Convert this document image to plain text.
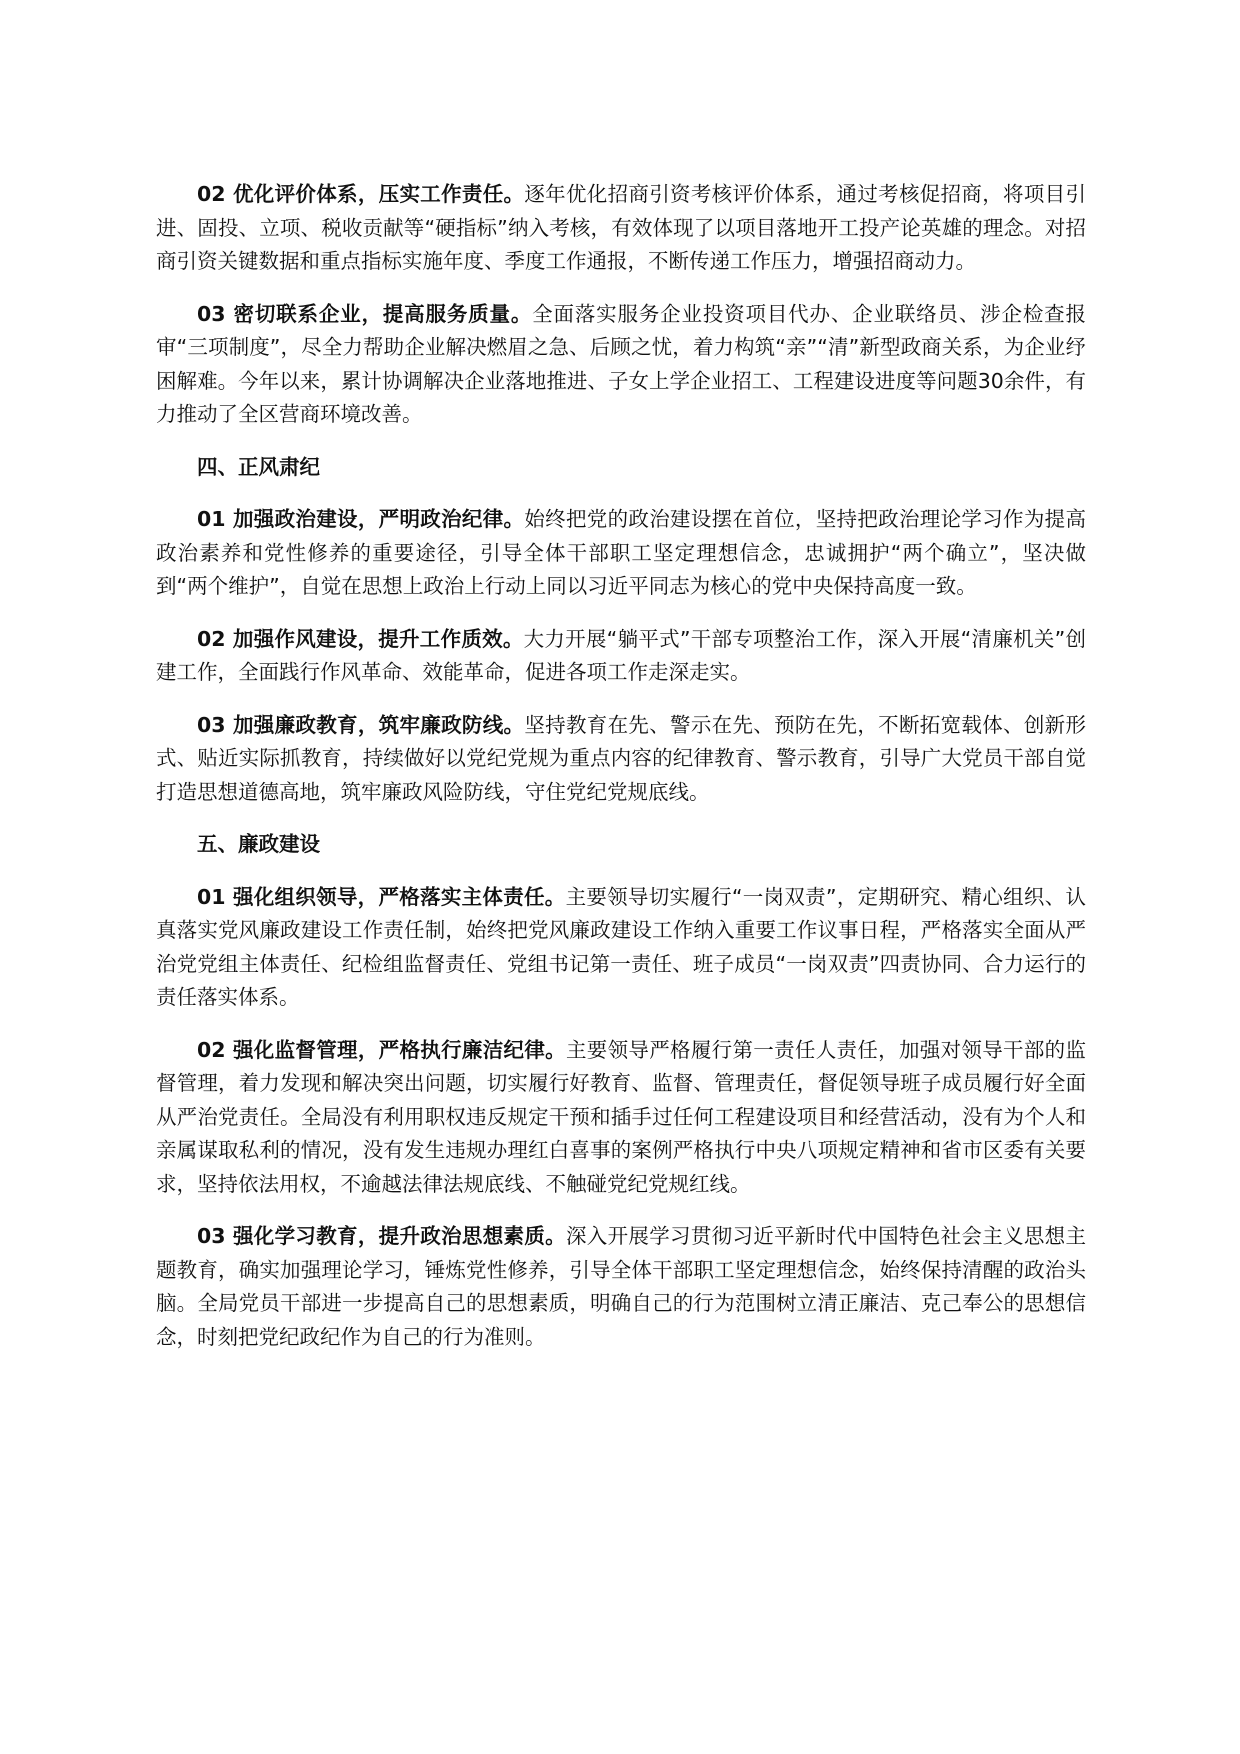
02 优化评价体系，压实工作责任。逐年优化招商引资考核评价体系，通过考核促招商，将项目引进、固投、立项、税收贡献等“硬指标”纳入考核，有效体现了以项目落地开工投产论英雄的理念。对招商引资关键数据和重点指标实施年度、季度工作通报，不断传递工作压力，增强招商动力。

03 密切联系企业，提高服务质量。全面落实服务企业投资项目代办、企业联络员、涉企检查报审“三项制度”，尽全力帮助企业解决燃眉之急、后顾之忧，着力构筑“亲”“清”新型政商关系，为企业纾困解难。今年以来，累计协调解决企业落地推进、子女上学企业招工、工程建设进度等问题30余件，有力推动了全区营商环境改善。

四、正风肃纪

01 加强政治建设，严明政治纪律。始终把党的政治建设摆在首位，坚持把政治理论学习作为提高政治素养和党性修养的重要途径，引导全体干部职工坚定理想信念，忠诚拥护“两个确立”，坚决做到“两个维护”，自觉在思想上政治上行动上同以习近平同志为核心的党中央保持高度一致。

02 加强作风建设，提升工作质效。大力开展“躺平式”干部专项整治工作，深入开展“清廉机关”创建工作，全面践行作风革命、效能革命，促进各项工作走深走实。

03 加强廉政教育，筑牢廉政防线。坚持教育在先、警示在先、预防在先，不断拓宽载体、创新形式、贴近实际抓教育，持续做好以党纪党规为重点内容的纪律教育、警示教育，引导广大党员干部自觉打造思想道德高地，筑牢廉政风险防线，守住党纪党规底线。

五、廉政建设

01 强化组织领导，严格落实主体责任。主要领导切实履行“一岗双责”，定期研究、精心组织、认真落实党风廉政建设工作责任制，始终把党风廉政建设工作纳入重要工作议事日程，严格落实全面从严治党党组主体责任、纪检组监督责任、党组书记第一责任、班子成员“一岗双责”四责协同、合力运行的责任落实体系。

02 强化监督管理，严格执行廉洁纪律。主要领导严格履行第一责任人责任，加强对领导干部的监督管理，着力发现和解决突出问题，切实履行好教育、监督、管理责任，督促领导班子成员履行好全面从严治党责任。全局没有利用职权违反规定干预和插手过任何工程建设项目和经营活动，没有为个人和亲属谋取私利的情况，没有发生违规办理红白喜事的案例严格执行中央八项规定精神和省市区委有关要求，坚持依法用权，不逾越法律法规底线、不触碰党纪党规红线。

03 强化学习教育，提升政治思想素质。深入开展学习贯彻习近平新时代中国特色社会主义思想主题教育，确实加强理论学习，锤炼党性修养，引导全体干部职工坚定理想信念，始终保持清醒的政治头脑。全局党员干部进一步提高自己的思想素质，明确自己的行为范围树立清正廉洁、克己奉公的思想信念，时刻把党纪政纪作为自己的行为准则。
